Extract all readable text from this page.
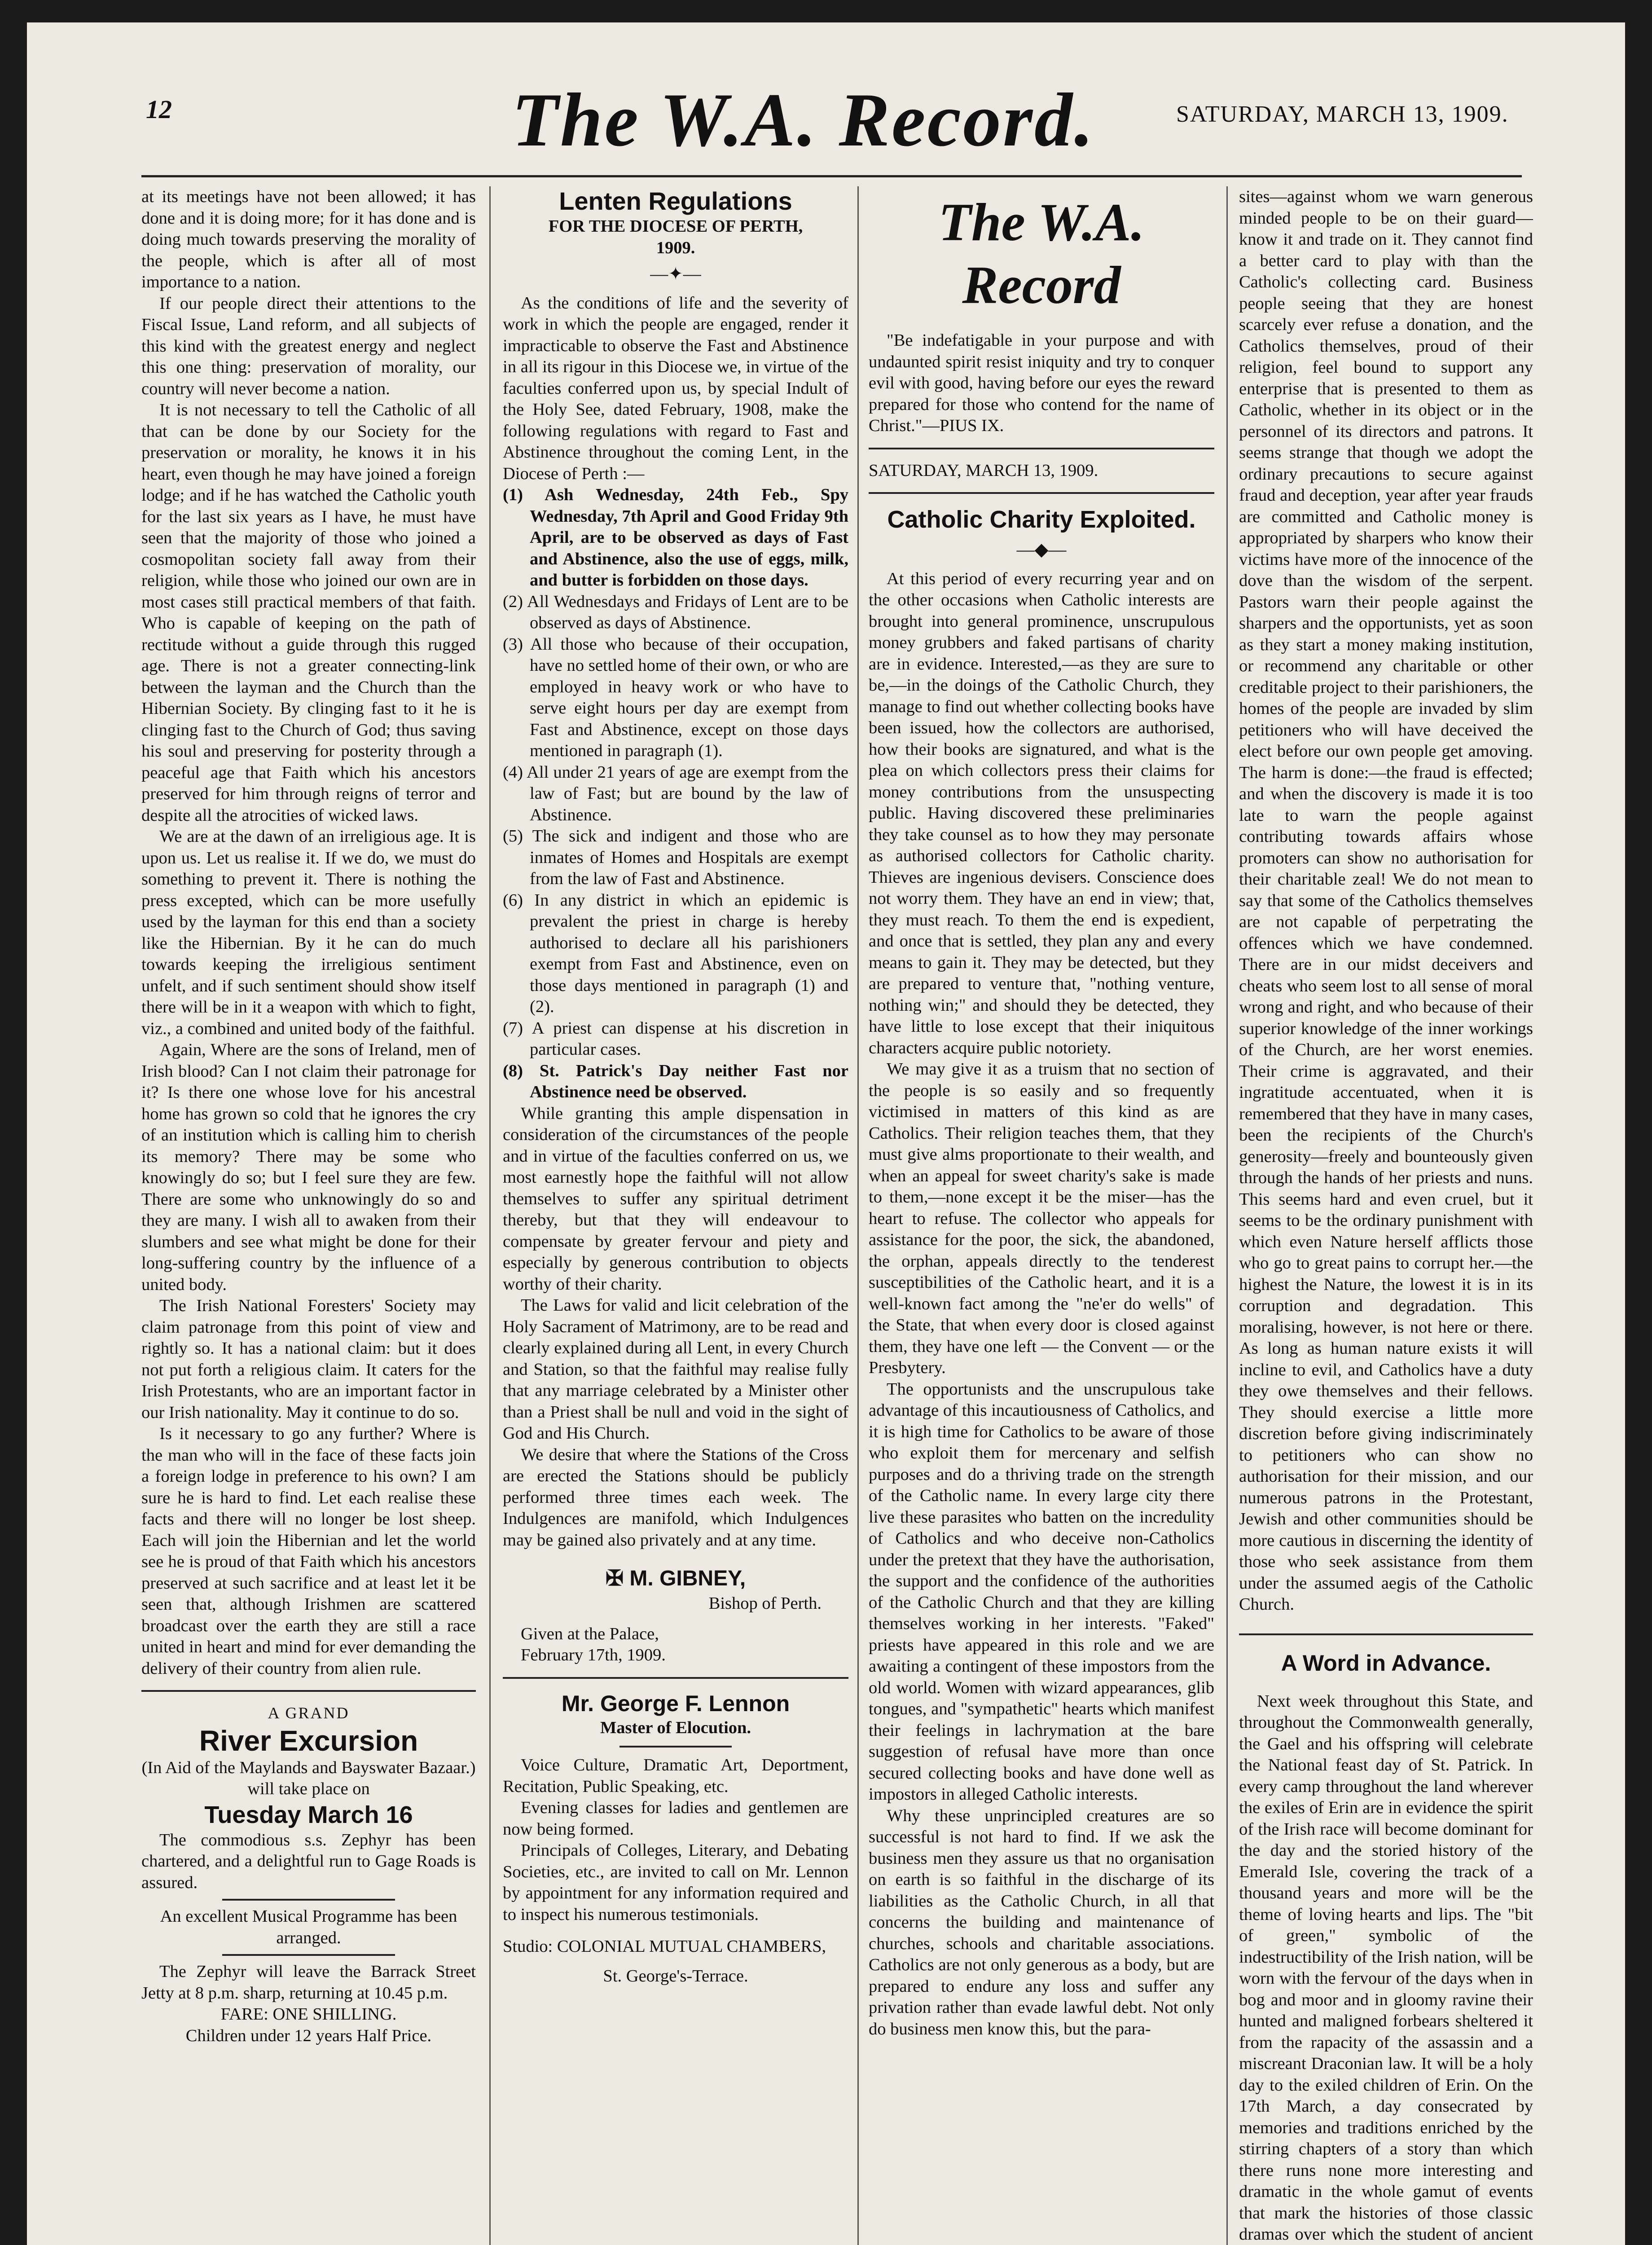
12	The W.A. Record.	SATURDAY, MARCH 13, 1909.

at its meetings have not been allowed; it has done and it is doing more; for it has done and is doing much towards preserving the morality of the people, which is after all of most importance to a nation.

If our people direct their attentions to the Fiscal Issue, Land reform, and all subjects of this kind with the greatest energy and neglect this one thing: preservation of morality, our country will never become a nation.

It is not necessary to tell the Catholic of all that can be done by our Society for the preservation or morality, he knows it in his heart, even though he may have joined a foreign lodge; and if he has watched the Catholic youth for the last six years as I have, he must have seen that the majority of those who joined a cosmopolitan society fall away from their religion, while those who joined our own are in most cases still practical members of that faith. Who is capable of keeping on the path of rectitude without a guide through this rugged age. There is not a greater connecting-link between the layman and the Church than the Hibernian Society. By clinging fast to it he is clinging fast to the Church of God; thus saving his soul and preserving for posterity through a peaceful age that Faith which his ancestors preserved for him through reigns of terror and despite all the atrocities of wicked laws.

We are at the dawn of an irreligious age. It is upon us. Let us realise it. If we do, we must do something to prevent it. There is nothing the press excepted, which can be more usefully used by the layman for this end than a society like the Hibernian. By it he can do much towards keeping the irreligious sentiment unfelt, and if such sentiment should show itself there will be in it a weapon with which to fight, viz., a combined and united body of the faithful.

Again, Where are the sons of Ireland, men of Irish blood? Can I not claim their patronage for it? Is there one whose love for his ancestral home has grown so cold that he ignores the cry of an institution which is calling him to cherish its memory? There may be some who knowingly do so; but I feel sure they are few. There are some who unknowingly do so and they are many. I wish all to awaken from their slumbers and see what might be done for their long-suffering country by the influence of a united body.

The Irish National Foresters' Society may claim patronage from this point of view and rightly so. It has a national claim: but it does not put forth a religious claim. It caters for the Irish Protestants, who are an important factor in our Irish nationality. May it continue to do so.

Is it necessary to go any further? Where is the man who will in the face of these facts join a foreign lodge in preference to his own? I am sure he is hard to find. Let each realise these facts and there will no longer be lost sheep. Each will join the Hibernian and let the world see he is proud of that Faith which his ancestors preserved at such sacrifice and at least let it be seen that, although Irishmen are scattered broadcast over the earth they are still a race united in heart and mind for ever demanding the delivery of their country from alien rule.

A GRAND

River Excursion

(In Aid of the Maylands and Bayswater Bazaar.)

will take place on

Tuesday March 16

The commodious s.s. Zephyr has been chartered, and a delightful run to Gage Roads is assured.

An excellent Musical Programme has been arranged.

The Zephyr will leave the Barrack Street Jetty at 8 p.m. sharp, returning at 10.45 p.m.

FARE: ONE SHILLING.

Children under 12 years Half Price.

Lenten Regulations

FOR THE DIOCESE OF PERTH, 1909.

—✦—

As the conditions of life and the severity of work in which the people are engaged, render it impracticable to observe the Fast and Abstinence in all its rigour in this Diocese we, in virtue of the faculties conferred upon us, by special Indult of the Holy See, dated February, 1908, make the following regulations with regard to Fast and Abstinence throughout the coming Lent, in the Diocese of Perth :—

(1) Ash Wednesday, 24th Feb., Spy Wednesday, 7th April and Good Friday 9th April, are to be observed as days of Fast and Abstinence, also the use of eggs, milk, and butter is forbidden on those days.

(2) All Wednesdays and Fridays of Lent are to be observed as days of Abstinence.

(3) All those who because of their occupation, have no settled home of their own, or who are employed in heavy work or who have to serve eight hours per day are exempt from Fast and Abstinence, except on those days mentioned in paragraph (1).

(4) All under 21 years of age are exempt from the law of Fast; but are bound by the law of Abstinence.

(5) The sick and indigent and those who are inmates of Homes and Hospitals are exempt from the law of Fast and Abstinence.

(6) In any district in which an epidemic is prevalent the priest in charge is hereby authorised to declare all his parishioners exempt from Fast and Abstinence, even on those days mentioned in paragraph (1) and (2).

(7) A priest can dispense at his discretion in particular cases.

(8) St. Patrick's Day neither Fast nor Abstinence need be observed.

While granting this ample dispensation in consideration of the circumstances of the people and in virtue of the faculties conferred on us, we most earnestly hope the faithful will not allow themselves to suffer any spiritual detriment thereby, but that they will endeavour to compensate by greater fervour and piety and especially by generous contribution to objects worthy of their charity.

The Laws for valid and licit celebration of the Holy Sacrament of Matrimony, are to be read and clearly explained during all Lent, in every Church and Station, so that the faithful may realise fully that any marriage celebrated by a Minister other than a Priest shall be null and void in the sight of God and His Church.

We desire that where the Stations of the Cross are erected the Stations should be publicly performed three times each week. The Indulgences are manifold, which Indulgences may be gained also privately and at any time.

✠ M. GIBNEY,

Bishop of Perth.

Given at the Palace,

February 17th, 1909.

Mr. George F. Lennon

Master of Elocution.

Voice Culture, Dramatic Art, Deportment, Recitation, Public Speaking, etc.

Evening classes for ladies and gentlemen are now being formed.

Principals of Colleges, Literary, and Debating Societies, etc., are invited to call on Mr. Lennon by appointment for any information required and to inspect his numerous testimonials.

Studio: COLONIAL MUTUAL CHAMBERS,

St. George's-Terrace.

The W.A. Record

"Be indefatigable in your purpose and with undaunted spirit resist iniquity and try to conquer evil with good, having before our eyes the reward prepared for those who contend for the name of Christ."—PIUS IX.

SATURDAY, MARCH 13, 1909.

Catholic Charity Exploited.

—◆—

At this period of every recurring year and on the other occasions when Catholic interests are brought into general prominence, unscrupulous money grubbers and faked partisans of charity are in evidence. Interested,—as they are sure to be,—in the doings of the Catholic Church, they manage to find out whether collecting books have been issued, how the collectors are authorised, how their books are signatured, and what is the plea on which collectors press their claims for money contributions from the unsuspecting public. Having discovered these preliminaries they take counsel as to how they may personate as authorised collectors for Catholic charity. Thieves are ingenious devisers. Conscience does not worry them. They have an end in view; that, they must reach. To them the end is expedient, and once that is settled, they plan any and every means to gain it. They may be detected, but they are prepared to venture that, "nothing venture, nothing win;" and should they be detected, they have little to lose except that their iniquitous characters acquire public notoriety.

We may give it as a truism that no section of the people is so easily and so frequently victimised in matters of this kind as are Catholics. Their religion teaches them, that they must give alms proportionate to their wealth, and when an appeal for sweet charity's sake is made to them,—none except it be the miser—has the heart to refuse. The collector who appeals for assistance for the poor, the sick, the abandoned, the orphan, appeals directly to the tenderest susceptibilities of the Catholic heart, and it is a well-known fact among the "ne'er do wells" of the State, that when every door is closed against them, they have one left — the Convent — or the Presbytery.

The opportunists and the unscrupulous take advantage of this incautiousness of Catholics, and it is high time for Catholics to be aware of those who exploit them for mercenary and selfish purposes and do a thriving trade on the strength of the Catholic name. In every large city there live these parasites who batten on the incredulity of Catholics and who deceive non-Catholics under the pretext that they have the authorisation, the support and the confidence of the authorities of the Catholic Church and that they are killing themselves working in her interests. "Faked" priests have appeared in this role and we are awaiting a contingent of these impostors from the old world. Women with wizard appearances, glib tongues, and "sympathetic" hearts which manifest their feelings in lachrymation at the bare suggestion of refusal have more than once secured collecting books and have done well as impostors in alleged Catholic interests.

Why these unprincipled creatures are so successful is not hard to find. If we ask the business men they assure us that no organisation on earth is so faithful in the discharge of its liabilities as the Catholic Church, in all that concerns the building and maintenance of churches, schools and charitable associations. Catholics are not only generous as a body, but are prepared to endure any loss and suffer any privation rather than evade lawful debt. Not only do business men know this, but the para-

sites—against whom we warn generous minded people to be on their guard—know it and trade on it. They cannot find a better card to play with than the Catholic's collecting card. Business people seeing that they are honest scarcely ever refuse a donation, and the Catholics themselves, proud of their religion, feel bound to support any enterprise that is presented to them as Catholic, whether in its object or in the personnel of its directors and patrons. It seems strange that though we adopt the ordinary precautions to secure against fraud and deception, year after year frauds are committed and Catholic money is appropriated by sharpers who know their victims have more of the innocence of the dove than the wisdom of the serpent. Pastors warn their people against the sharpers and the opportunists, yet as soon as they start a money making institution, or recommend any charitable or other creditable project to their parishioners, the homes of the people are invaded by slim petitioners who will have deceived the elect before our own people get amoving. The harm is done:—the fraud is effected; and when the discovery is made it is too late to warn the people against contributing towards affairs whose promoters can show no authorisation for their charitable zeal! We do not mean to say that some of the Catholics themselves are not capable of perpetrating the offences which we have condemned. There are in our midst deceivers and cheats who seem lost to all sense of moral wrong and right, and who because of their superior knowledge of the inner workings of the Church, are her worst enemies. Their crime is aggravated, and their ingratitude accentuated, when it is remembered that they have in many cases, been the recipients of the Church's generosity—freely and bounteously given through the hands of her priests and nuns. This seems hard and even cruel, but it seems to be the ordinary punishment with which even Nature herself afflicts those who go to great pains to corrupt her.—the highest the Nature, the lowest it is in its corruption and degradation. This moralising, however, is not here or there. As long as human nature exists it will incline to evil, and Catholics have a duty they owe themselves and their fellows. They should exercise a little more discretion before giving indiscriminately to petitioners who can show no authorisation for their mission, and our numerous patrons in the Protestant, Jewish and other communities should be more cautious in discerning the identity of those who seek assistance from them under the assumed aegis of the Catholic Church.

A Word in Advance.

Next week throughout this State, and throughout the Commonwealth generally, the Gael and his offspring will celebrate the National feast day of St. Patrick. In every camp throughout the land wherever the exiles of Erin are in evidence the spirit of the Irish race will become dominant for the day and the storied history of the Emerald Isle, covering the track of a thousand years and more will be the theme of loving hearts and lips. The "bit of green," symbolic of the indestructibility of the Irish nation, will be worn with the fervour of the days when in bog and moor and in gloomy ravine their hunted and maligned forbears sheltered it from the rapacity of the assassin and a miscreant Draconian law. It will be a holy day to the exiled children of Erin. On the 17th March, a day consecrated by memories and traditions enriched by the stirring chapters of a story than which there runs none more interesting and dramatic in the whole gamut of events that mark the histories of those classic dramas over which the student of ancient
